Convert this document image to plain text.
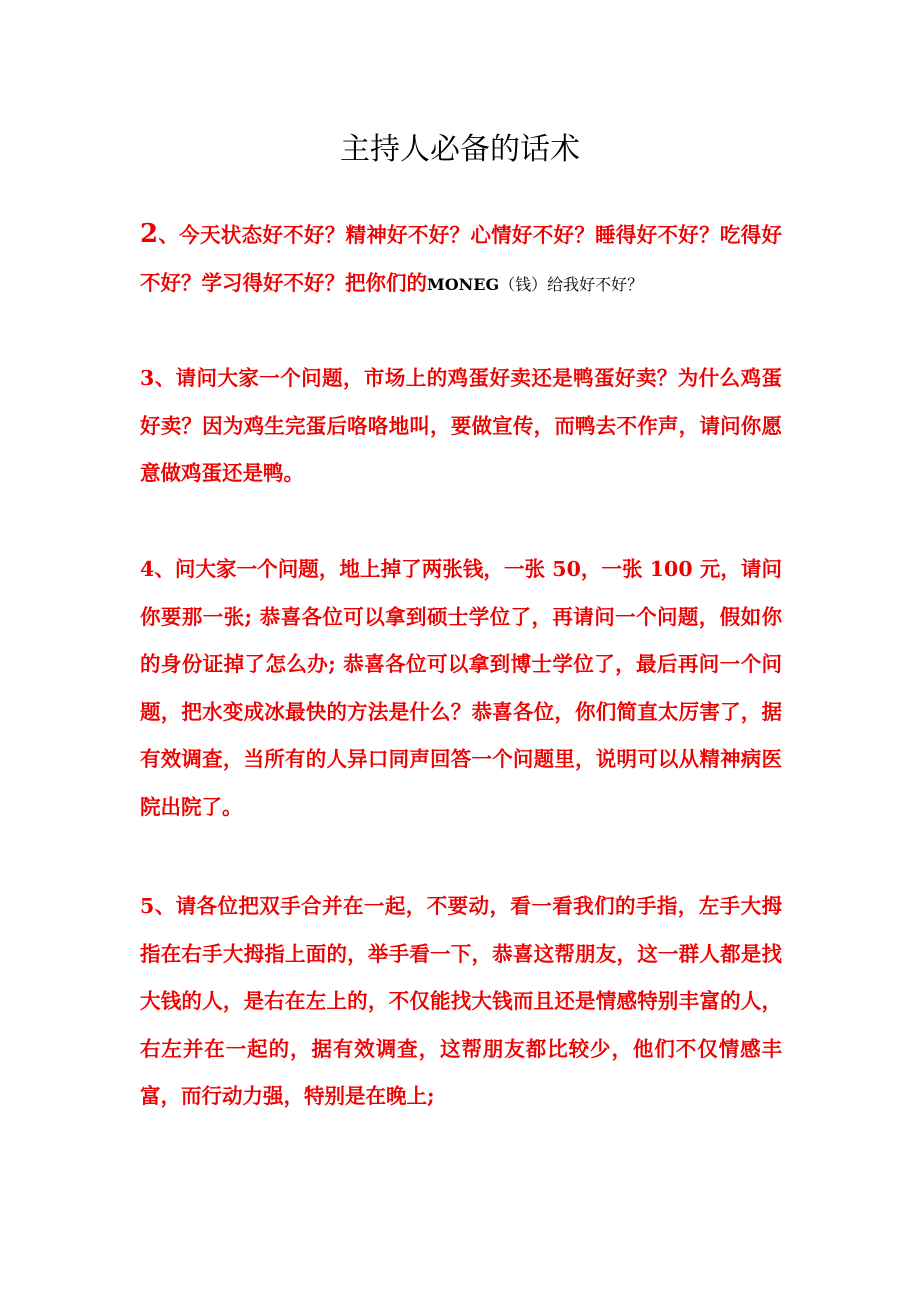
主持人必备的话术

2、今天状态好不好？精神好不好？心情好不好？睡得好不好？吃得好不好？学习得好不好？把你们的MONEG（钱）给我好不好？

3、请问大家一个问题，市场上的鸡蛋好卖还是鸭蛋好卖？为什么鸡蛋好卖？因为鸡生完蛋后咯咯地叫，要做宣传，而鸭去不作声，请问你愿意做鸡蛋还是鸭。

4、问大家一个问题，地上掉了两张钱，一张 50，一张 100 元，请问你要那一张; 恭喜各位可以拿到硕士学位了，再请问一个问题，假如你的身份证掉了怎么办; 恭喜各位可以拿到博士学位了，最后再问一个问题，把水变成冰最快的方法是什么？恭喜各位，你们简直太厉害了，据有效调查，当所有的人异口同声回答一个问题里，说明可以从精神病医院出院了。

5、请各位把双手合并在一起，不要动，看一看我们的手指，左手大拇指在右手大拇指上面的，举手看一下，恭喜这帮朋友，这一群人都是找大钱的人，是右在左上的，不仅能找大钱而且还是情感特别丰富的人，右左并在一起的，据有效调查，这帮朋友都比较少，他们不仅情感丰富，而行动力强，特别是在晚上;
